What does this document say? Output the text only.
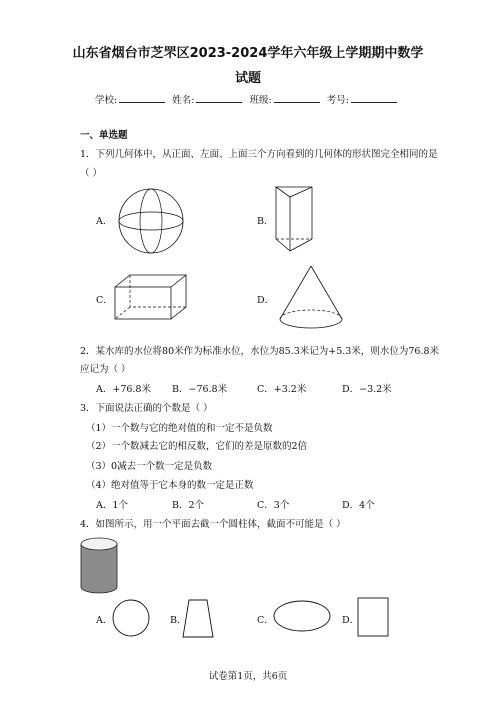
山东省烟台市芝罘区2023-2024学年六年级上学期期中数学
试题
学校:	姓名:	班级:	考号:
一、单选题
1．下列几何体中，从正面、左面、上面三个方向看到的几何体的形状图完全相同的是
（ ）
A．	B．
C．	D．
2．某水库的水位将80米作为标准水位，水位为85.3米记为+5.3米，则水位为76.8米
应记为（ ）
A．+76.8米 B．−76.8米	C．+3.2米	D．−3.2米
3．下面说法正确的个数是（ ）
（1）一个数与它的绝对值的和一定不是负数
（2）一个数减去它的相反数，它们的差是原数的2倍
（3）0减去一个数一定是负数
（4）绝对值等于它本身的数一定是正数
A．1个	B．2个	C．3个	D．4个
4．如图所示，用一个平面去截一个圆柱体，截面不可能是（ ）
A．	B．	C．	D．
试卷第1页，共6页
